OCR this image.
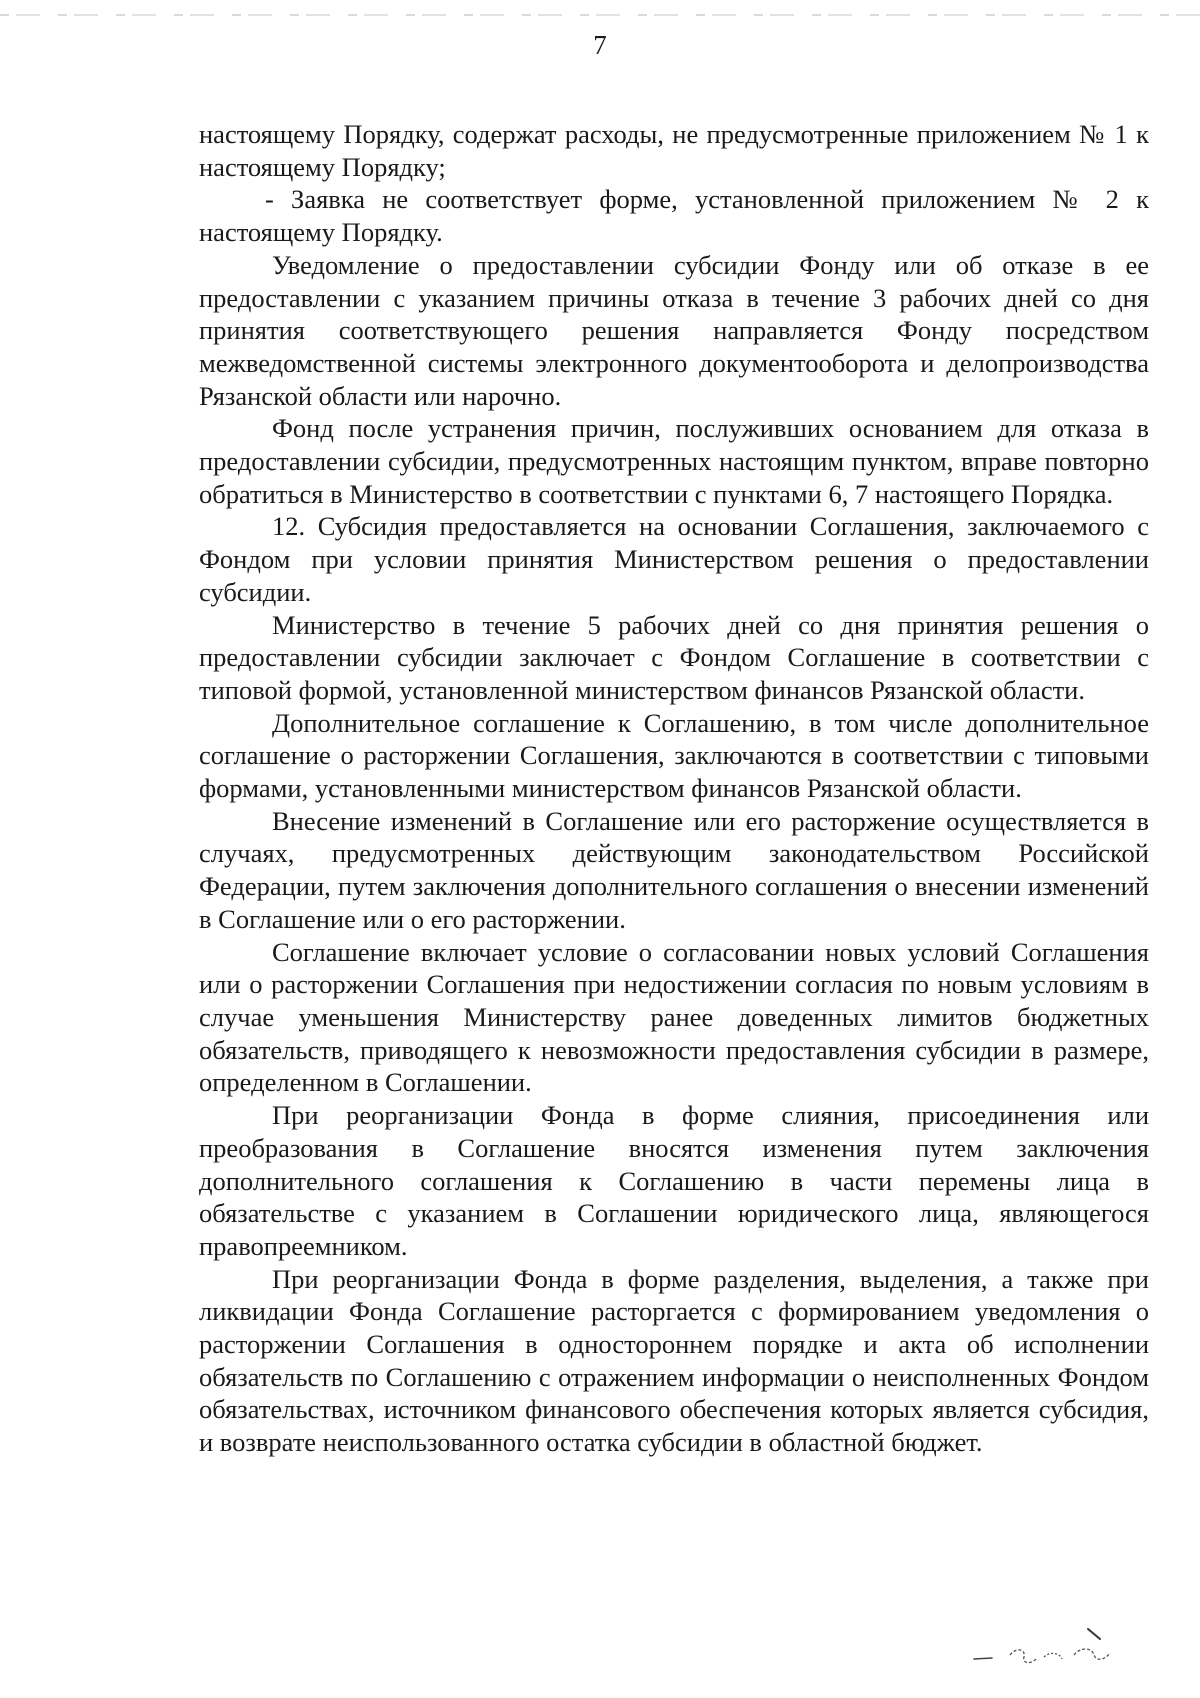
7

настоящему Порядку, содержат расходы, не предусмотренные приложением № 1 к настоящему Порядку;

- Заявка не соответствует форме, установленной приложением № 2 к настоящему Порядку.

Уведомление о предоставлении субсидии Фонду или об отказе в ее предоставлении с указанием причины отказа в течение 3 рабочих дней со дня принятия соответствующего решения направляется Фонду посредством межведомственной системы электронного документооборота и делопроизводства Рязанской области или нарочно.

Фонд после устранения причин, послуживших основанием для отказа в предоставлении субсидии, предусмотренных настоящим пунктом, вправе повторно обратиться в Министерство в соответствии с пунктами 6, 7 настоящего Порядка.

12. Субсидия предоставляется на основании Соглашения, заключаемого с Фондом при условии принятия Министерством решения о предоставлении субсидии.

Министерство в течение 5 рабочих дней со дня принятия решения о предоставлении субсидии заключает с Фондом Соглашение в соответствии с типовой формой, установленной министерством финансов Рязанской области.

Дополнительное соглашение к Соглашению, в том числе дополнительное соглашение о расторжении Соглашения, заключаются в соответствии с типовыми формами, установленными министерством финансов Рязанской области.

Внесение изменений в Соглашение или его расторжение осуществляется в случаях, предусмотренных действующим законодательством Российской Федерации, путем заключения дополнительного соглашения о внесении изменений в Соглашение или о его расторжении.

Соглашение включает условие о согласовании новых условий Соглашения или о расторжении Соглашения при недостижении согласия по новым условиям в случае уменьшения Министерству ранее доведенных лимитов бюджетных обязательств, приводящего к невозможности предоставления субсидии в размере, определенном в Соглашении.

При реорганизации Фонда в форме слияния, присоединения или преобразования в Соглашение вносятся изменения путем заключения дополнительного соглашения к Соглашению в части перемены лица в обязательстве с указанием в Соглашении юридического лица, являющегося правопреемником.

При реорганизации Фонда в форме разделения, выделения, а также при ликвидации Фонда Соглашение расторгается с формированием уведомления о расторжении Соглашения в одностороннем порядке и акта об исполнении обязательств по Соглашению с отражением информации о неисполненных Фондом обязательствах, источником финансового обеспечения которых является субсидия, и возврате неиспользованного остатка субсидии в областной бюджет.
